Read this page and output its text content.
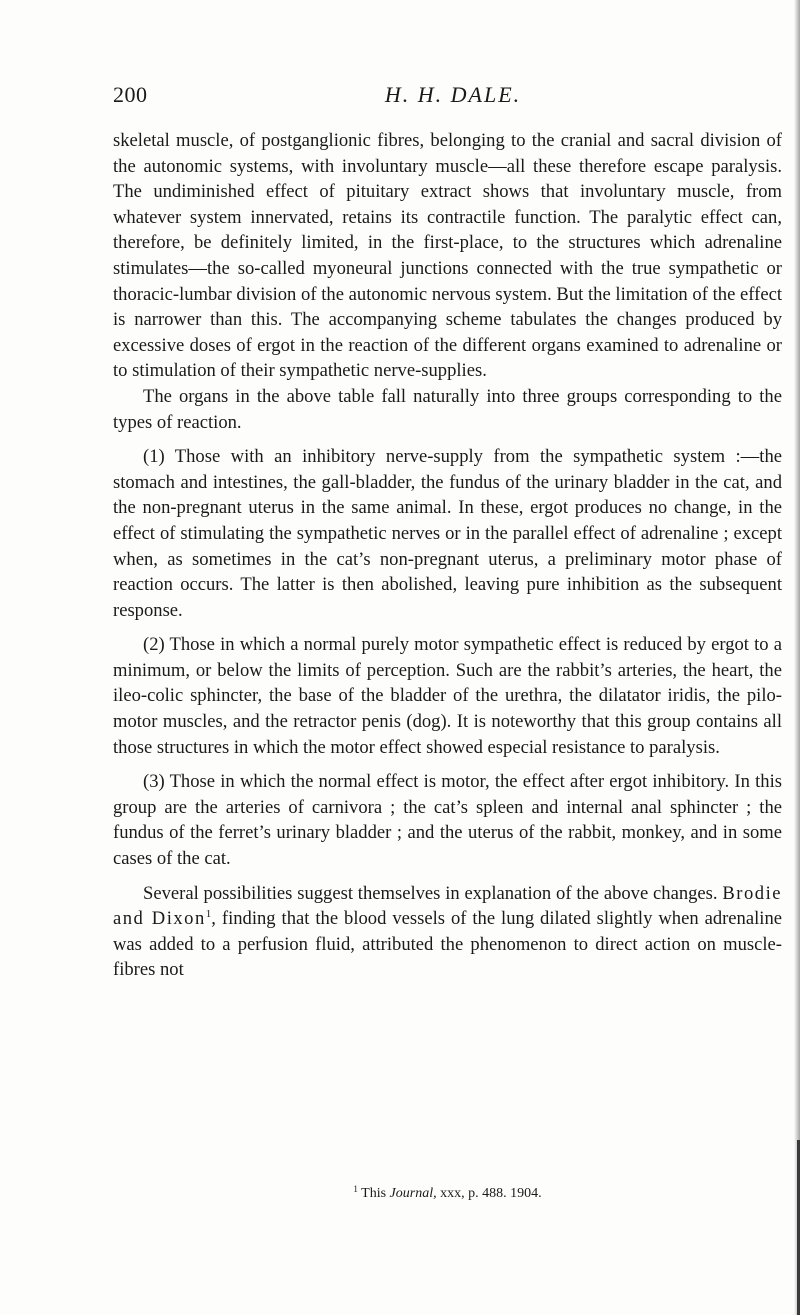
200	H. H. DALE.

skeletal muscle, of postganglionic fibres, belonging to the cranial and sacral division of the autonomic systems, with involuntary muscle—all these therefore escape paralysis. The undiminished effect of pituitary extract shows that involuntary muscle, from whatever system innervated, retains its contractile function. The paralytic effect can, therefore, be definitely limited, in the first-place, to the structures which adrenaline stimulates—the so-called myoneural junctions connected with the true sympathetic or thoracic-lumbar division of the autonomic nervous system. But the limitation of the effect is narrower than this. The accompanying scheme tabulates the changes produced by excessive doses of ergot in the reaction of the different organs examined to adrenaline or to stimulation of their sympathetic nerve-supplies.

The organs in the above table fall naturally into three groups corresponding to the types of reaction.

(1) Those with an inhibitory nerve-supply from the sympathetic system :—the stomach and intestines, the gall-bladder, the fundus of the urinary bladder in the cat, and the non-pregnant uterus in the same animal. In these, ergot produces no change, in the effect of stimulating the sympathetic nerves or in the parallel effect of adrenaline ; except when, as sometimes in the cat’s non-pregnant uterus, a preliminary motor phase of reaction occurs. The latter is then abolished, leaving pure inhibition as the subsequent response.

(2) Those in which a normal purely motor sympathetic effect is reduced by ergot to a minimum, or below the limits of perception. Such are the rabbit’s arteries, the heart, the ileo-colic sphincter, the base of the bladder of the urethra, the dilatator iridis, the pilo-motor muscles, and the retractor penis (dog). It is noteworthy that this group contains all those structures in which the motor effect showed especial resistance to paralysis.

(3) Those in which the normal effect is motor, the effect after ergot inhibitory. In this group are the arteries of carnivora ; the cat’s spleen and internal anal sphincter ; the fundus of the ferret’s urinary bladder ; and the uterus of the rabbit, monkey, and in some cases of the cat.

Several possibilities suggest themselves in explanation of the above changes. Brodie and Dixon$^1$, finding that the blood vessels of the lung dilated slightly when adrenaline was added to a perfusion fluid, attributed the phenomenon to direct action on muscle-fibres not

$^1$ This Journal, xxx, p. 488. 1904.
